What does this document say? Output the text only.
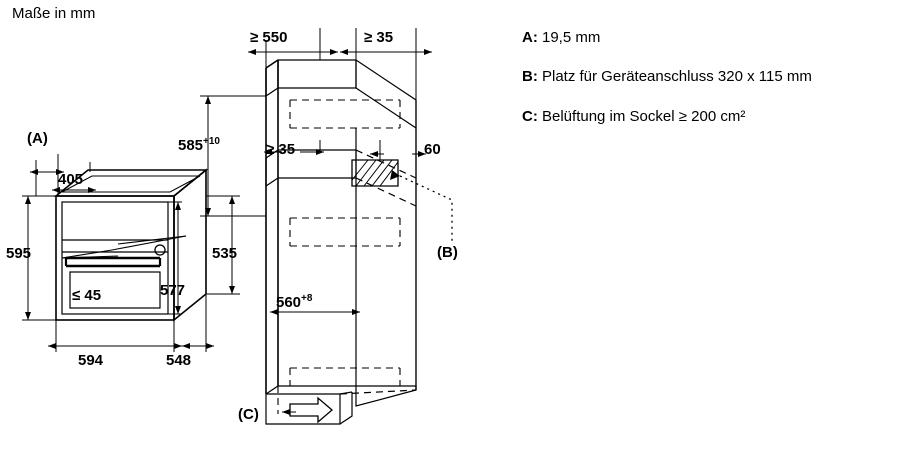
Maße in mm
(A)
405
595
577
535
≤ 45
594	548
≥ 550	≥ 35
$585^{+10}$	≥ 35	60
(B)
$560^{+8}$
(C)
A: 19,5 mm
B: Platz für Geräteanschluss 320 x 115 mm
C: Belüftung im Sockel ≥ 200 cm²
